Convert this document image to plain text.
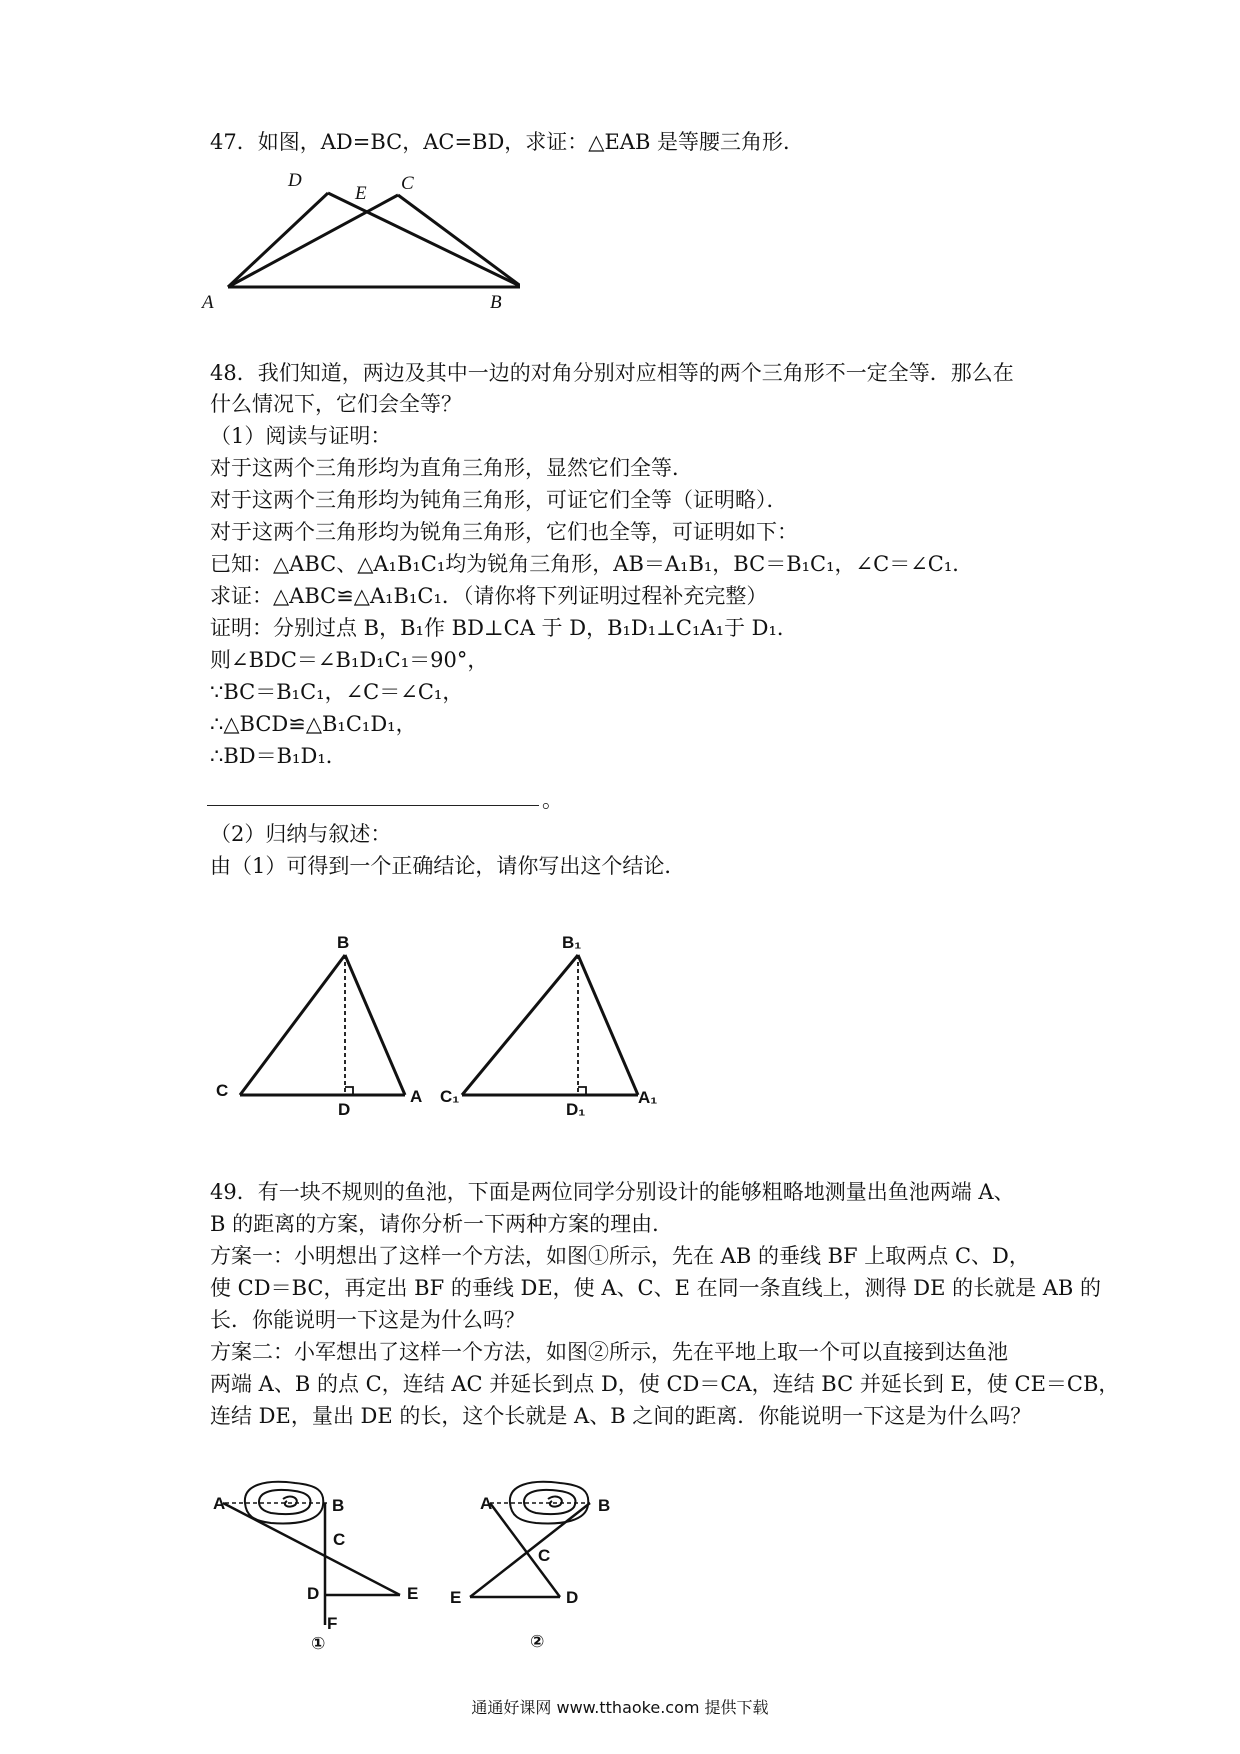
47．如图，AD=BC，AC=BD，求证：△EAB 是等腰三角形．
D
E C
A	B
48．我们知道，两边及其中一边的对角分别对应相等的两个三角形不一定全等．那么在
什么情况下，它们会全等？
（1）阅读与证明：
对于这两个三角形均为直角三角形，显然它们全等．
对于这两个三角形均为钝角三角形，可证它们全等（证明略）．
对于这两个三角形均为锐角三角形，它们也全等，可证明如下：
已知：△ABC、△A₁B₁C₁均为锐角三角形，AB＝A₁B₁，BC＝B₁C₁，∠C＝∠C₁．
求证：△ABC≌△A₁B₁C₁．（请你将下列证明过程补充完整）
证明：分别过点 B，B₁作 BD⊥CA 于 D，B₁D₁⊥C₁A₁于 D₁．
则∠BDC＝∠B₁D₁C₁＝90°，
∵BC＝B₁C₁，∠C＝∠C₁，
∴△BCD≌△B₁C₁D₁，
∴BD＝B₁D₁．
。
（2）归纳与叙述：
由（1）可得到一个正确结论，请你写出这个结论．
B
C
D
A
B₁
C₁
D₁
A₁
49．有一块不规则的鱼池，下面是两位同学分别设计的能够粗略地测量出鱼池两端 A、
B 的距离的方案，请你分析一下两种方案的理由．
方案一：小明想出了这样一个方法，如图①所示，先在 AB 的垂线 BF 上取两点 C、D，
使 CD＝BC，再定出 BF 的垂线 DE，使 A、C、E 在同一条直线上，测得 DE 的长就是 AB 的
长．你能说明一下这是为什么吗？
方案二：小军想出了这样一个方法，如图②所示，先在平地上取一个可以直接到达鱼池
两端 A、B 的点 C，连结 AC 并延长到点 D，使 CD＝CA，连结 BC 并延长到 E，使 CE＝CB，
连结 DE，量出 DE 的长，这个长就是 A、B 之间的距离．你能说明一下这是为什么吗？
A	B
C
D	E
F
①
A	B
C
E	D
②
通通好课网 www.tthaoke.com 提供下载
